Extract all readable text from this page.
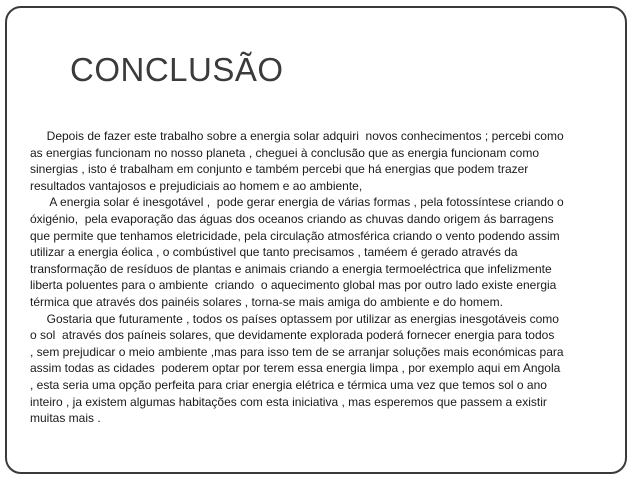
CONCLUSÃO
Depois de fazer este trabalho sobre a energia solar adquiri  novos conhecimentos ; percebi como
as energias funcionam no nosso planeta , cheguei à conclusão que as energia funcionam como
sinergias , isto é trabalham em conjunto e também percebi que há energias que podem trazer
resultados vantajosos e prejudiciais ao homem e ao ambiente,
A energia solar é inesgotável ,  pode gerar energia de várias formas , pela fotossíntese criando o
óxigénio,  pela evaporação das águas dos oceanos criando as chuvas dando origem ás barragens
que permite que tenhamos eletricidade, pela circulação atmosférica criando o vento podendo assim
utilizar a energia éolica , o combústivel que tanto precisamos , taméem é gerado através da
transformação de resíduos de plantas e animais criando a energia termoeléctrica que infelizmente
liberta poluentes para o ambiente  criando  o aquecimento global mas por outro lado existe energia
térmica que através dos painéis solares , torna-se mais amiga do ambiente e do homem.
Gostaria que futuramente , todos os países optassem por utilizar as energias inesgotáveis como
o sol  através dos paíneis solares, que devidamente explorada poderá fornecer energia para todos
, sem prejudicar o meio ambiente ,mas para isso tem de se arranjar soluções mais económicas para
assim todas as cidades  poderem optar por terem essa energia limpa , por exemplo aqui em Angola
, esta seria uma opção perfeita para criar energia elétrica e térmica uma vez que temos sol o ano
inteiro , ja existem algumas habitações com esta iniciativa , mas esperemos que passem a existir
muitas mais .
